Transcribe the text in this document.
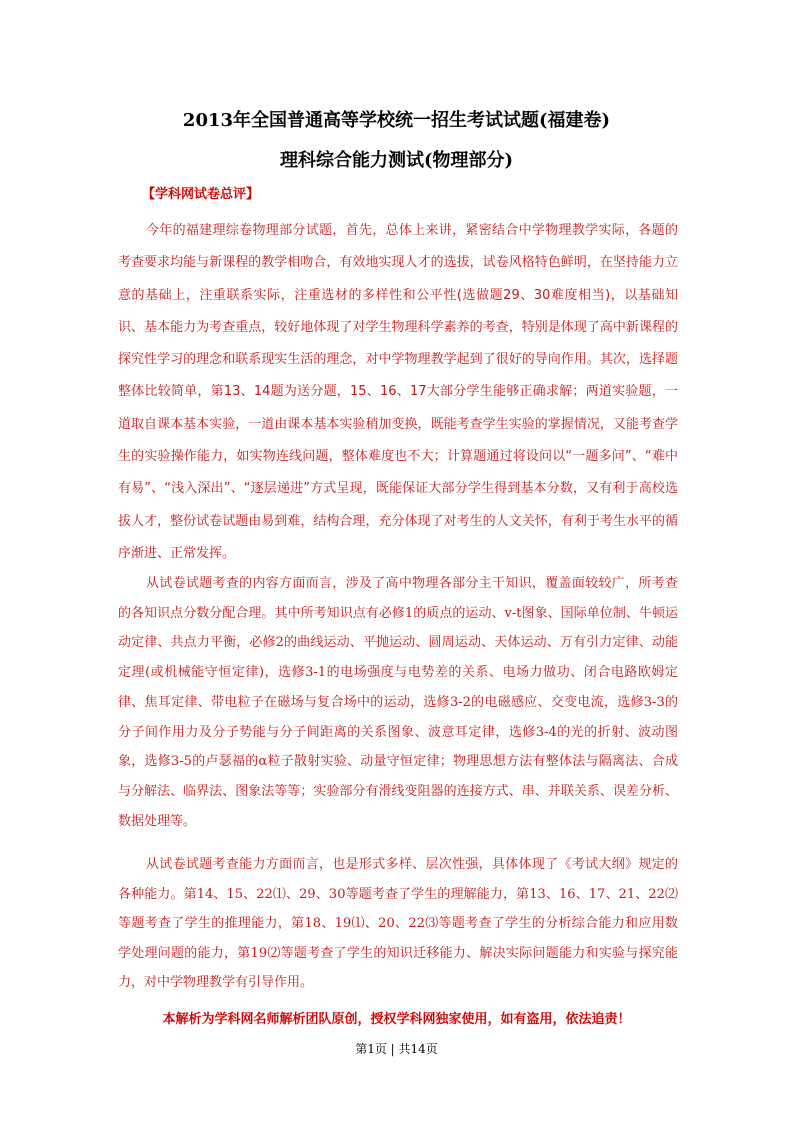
2013年全国普通高等学校统一招生考试试题(福建卷)
理科综合能力测试(物理部分)
【学科网试卷总评】

今年的福建理综卷物理部分试题，首先，总体上来讲，紧密结合中学物理教学实际，各题的考查要求均能与新课程的教学相吻合，有效地实现人才的选拔，试卷风格特色鲜明，在坚持能力立意的基础上，注重联系实际，注重选材的多样性和公平性(选做题29、30难度相当)，以基础知识、基本能力为考查重点，较好地体现了对学生物理科学素养的考查，特别是体现了高中新课程的探究性学习的理念和联系现实生活的理念，对中学物理教学起到了很好的导向作用。其次，选择题整体比较简单，第13、14题为送分题，15、16、17大部分学生能够正确求解；两道实验题，一道取自课本基本实验，一道由课本基本实验稍加变换，既能考查学生实验的掌握情况，又能考查学生的实验操作能力，如实物连线问题，整体难度也不大；计算题通过将设问以“一题多问”、“难中有易”、“浅入深出”、“逐层递进”方式呈现，既能保证大部分学生得到基本分数，又有利于高校选拔人才，整份试卷试题由易到难，结构合理，充分体现了对考生的人文关怀，有利于考生水平的循序渐进、正常发挥。

从试卷试题考查的内容方面而言，涉及了高中物理各部分主干知识，覆盖面较较广，所考查的各知识点分数分配合理。其中所考知识点有必修1的质点的运动、v-t图象、国际单位制、牛顿运动定律、共点力平衡，必修2的曲线运动、平抛运动、圆周运动、天体运动、万有引力定律、动能定理(或机械能守恒定律)，选修3-1的电场强度与电势差的关系、电场力做功、闭合电路欧姆定律、焦耳定律、带电粒子在磁场与复合场中的运动，选修3-2的电磁感应、交变电流，选修3-3的分子间作用力及分子势能与分子间距离的关系图象、波意耳定律，选修3-4的光的折射、波动图象，选修3-5的卢瑟福的α粒子散射实验、动量守恒定律；物理思想方法有整体法与隔离法、合成与分解法、临界法、图象法等等；实验部分有滑线变阻器的连接方式、串、并联关系、误差分析、数据处理等。

从试卷试题考查能力方面而言，也是形式多样、层次性强，具体体现了《考试大纲》规定的各种能力。第14、15、22⑴、29、30等题考查了学生的理解能力，第13、16、17、21、22⑵等题考查了学生的推理能力，第18、19⑴、20、22⑶等题考查了学生的分析综合能力和应用数学处理问题的能力，第19⑵等题考查了学生的知识迁移能力、解决实际问题能力和实验与探究能力，对中学物理教学有引导作用。

本解析为学科网名师解析团队原创，授权学科网独家使用，如有盗用，依法追责！
第1页 | 共14页
